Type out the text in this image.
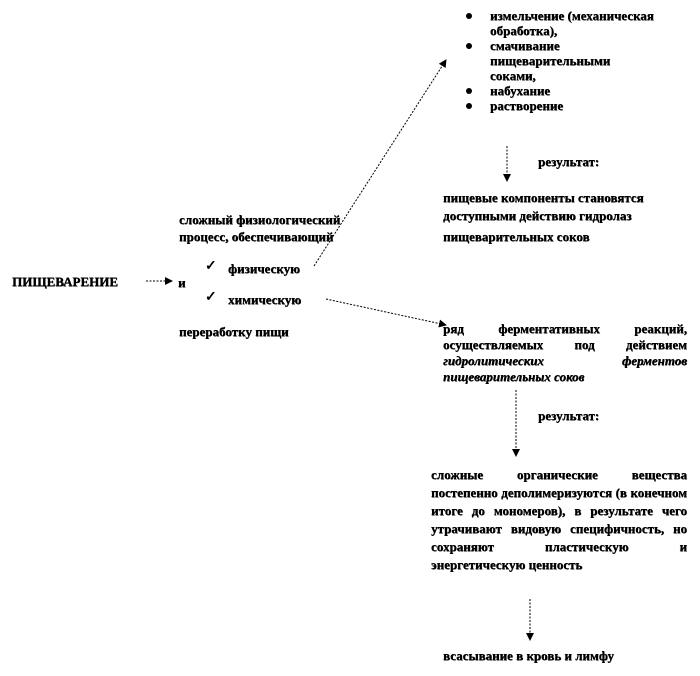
ПИЩЕВАРЕНИЕ	и
сложный физиологический
процесс, обеспечивающий
✓ физическую
✓ химическую
переработку пищи
измельчение (механическая обработка),
смачивание пищеварительными соками,
набухание
растворение
результат:
пищевые компоненты становятся
доступными действию гидролаз
пищеварительных соков
ряд ферментативных реакций, осуществляемых под действием гидролитических ферментов пищеварительных соков
результат:
сложные органические вещества постепенно деполимеризуются (в конечном итоге до мономеров), в результате чего утрачивают видовую специфичность, но сохраняют пластическую и энергетическую ценность
всасывание в кровь и лимфу
